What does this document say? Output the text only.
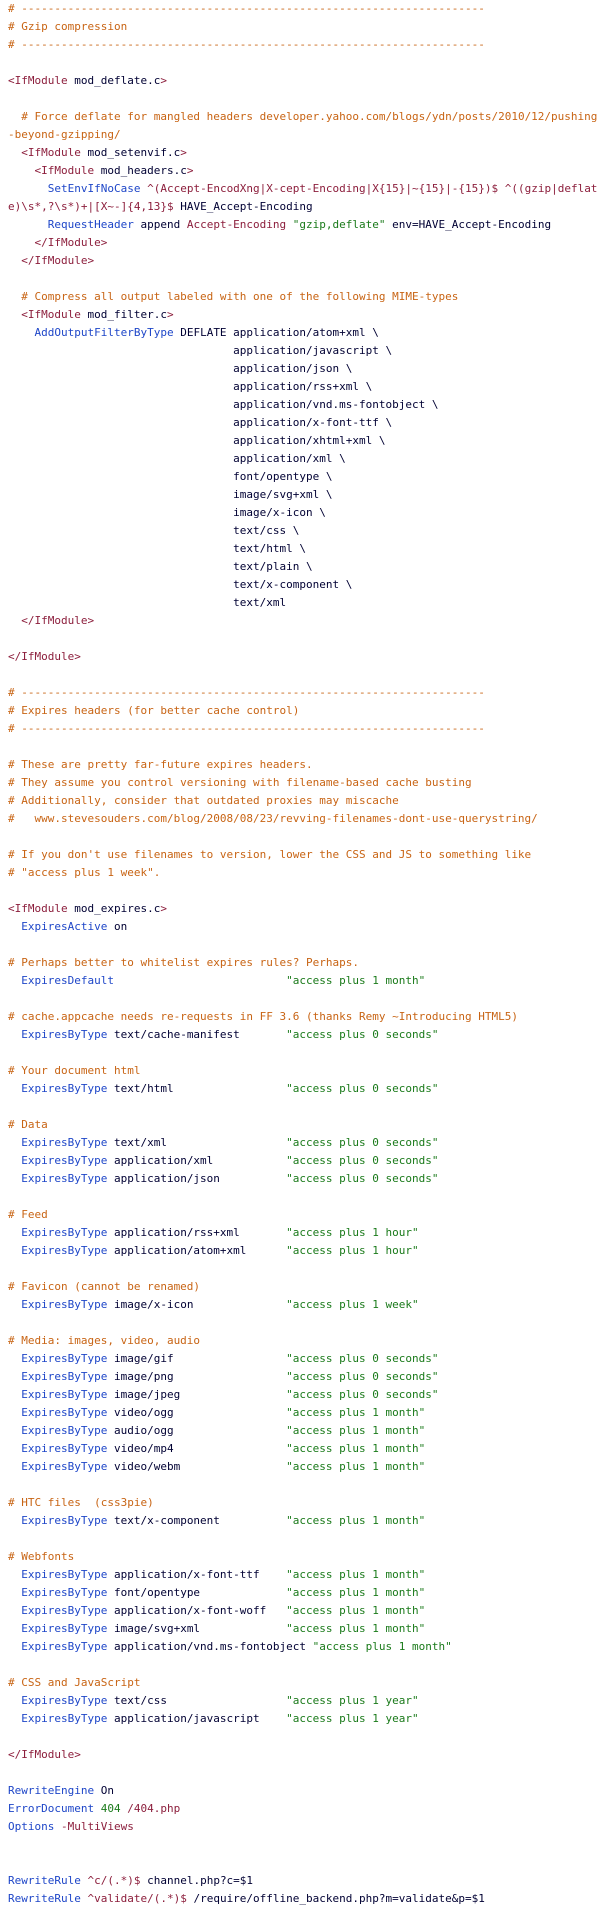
# ----------------------------------------------------------------------
# Gzip compression
# ----------------------------------------------------------------------
<IfModule mod_deflate.c>
# Force deflate for mangled headers developer.yahoo.com/blogs/ydn/posts/2010/12/pushing-beyond-gzipping/
<IfModule mod_setenvif.c>
<IfModule mod_headers.c>
SetEnvIfNoCase ^(Accept-EncodXng|X-cept-Encoding|X{15}|~{15}|-{15})$ ^((gzip|deflate)\s*,?\s*)+|[X~-]{4,13}$ HAVE_Accept-Encoding
RequestHeader append Accept-Encoding "gzip,deflate" env=HAVE_Accept-Encoding
</IfModule>
</IfModule>
# Compress all output labeled with one of the following MIME-types
<IfModule mod_filter.c>
AddOutputFilterByType DEFLATE application/atom+xml \
application/javascript \
application/json \
application/rss+xml \
application/vnd.ms-fontobject \
application/x-font-ttf \
application/xhtml+xml \
application/xml \
font/opentype \
image/svg+xml \
image/x-icon \
text/css \
text/html \
text/plain \
text/x-component \
text/xml
</IfModule>
</IfModule>
# ----------------------------------------------------------------------
# Expires headers (for better cache control)
# ----------------------------------------------------------------------
# These are pretty far-future expires headers.
# They assume you control versioning with filename-based cache busting
# Additionally, consider that outdated proxies may miscache
#   www.stevesouders.com/blog/2008/08/23/revving-filenames-dont-use-querystring/
# If you don't use filenames to version, lower the CSS and JS to something like
# "access plus 1 week".
<IfModule mod_expires.c>
ExpiresActive on
# Perhaps better to whitelist expires rules? Perhaps.
ExpiresDefault	"access plus 1 month"
# cache.appcache needs re-requests in FF 3.6 (thanks Remy ~Introducing HTML5)
ExpiresByType text/cache-manifest       "access plus 0 seconds"
# Your document html
ExpiresByType text/html                 "access plus 0 seconds"
# Data
ExpiresByType text/xml                  "access plus 0 seconds"
ExpiresByType application/xml           "access plus 0 seconds"
ExpiresByType application/json          "access plus 0 seconds"
# Feed
ExpiresByType application/rss+xml       "access plus 1 hour"
ExpiresByType application/atom+xml      "access plus 1 hour"
# Favicon (cannot be renamed)
ExpiresByType image/x-icon              "access plus 1 week"
# Media: images, video, audio
ExpiresByType image/gif                 "access plus 0 seconds"
ExpiresByType image/png                 "access plus 0 seconds"
ExpiresByType image/jpeg                "access plus 0 seconds"
ExpiresByType video/ogg                 "access plus 1 month"
ExpiresByType audio/ogg                 "access plus 1 month"
ExpiresByType video/mp4                 "access plus 1 month"
ExpiresByType video/webm                "access plus 1 month"
# HTC files  (css3pie)
ExpiresByType text/x-component          "access plus 1 month"
# Webfonts
ExpiresByType application/x-font-ttf    "access plus 1 month"
ExpiresByType font/opentype             "access plus 1 month"
ExpiresByType application/x-font-woff   "access plus 1 month"
ExpiresByType image/svg+xml             "access plus 1 month"
ExpiresByType application/vnd.ms-fontobject "access plus 1 month"
# CSS and JavaScript
ExpiresByType text/css                  "access plus 1 year"
ExpiresByType application/javascript    "access plus 1 year"
</IfModule>
RewriteEngine On
ErrorDocument 404 /404.php
Options -MultiViews
RewriteRule ^c/(.*)$ channel.php?c=$1
RewriteRule ^validate/(.*)$ /require/offline_backend.php?m=validate&p=$1
